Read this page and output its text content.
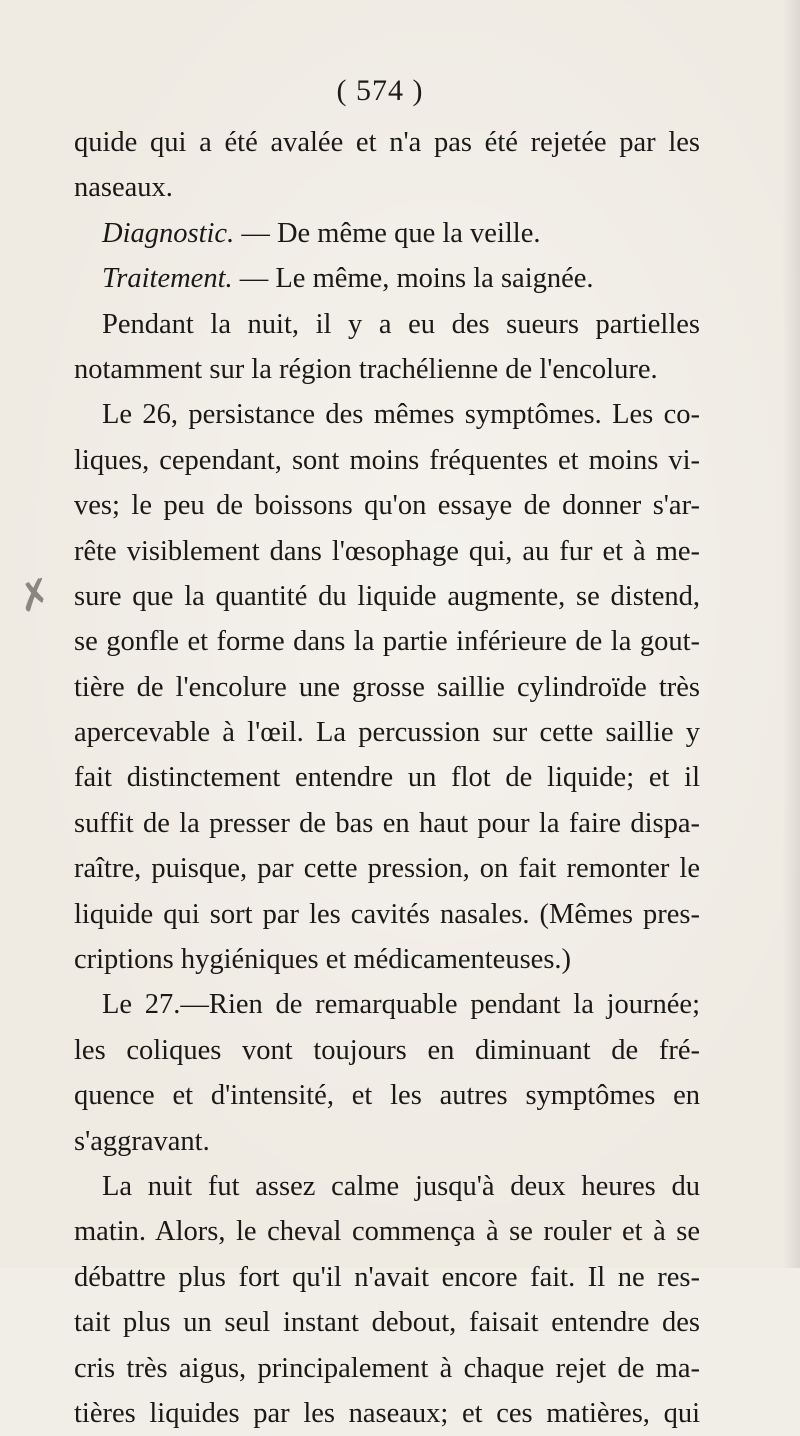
( 574 )
✗
quide qui a été avalée et n'a pas été rejetée par les
naseaux.
Diagnostic. — De même que la veille.
Traitement. — Le même, moins la saignée.
Pendant la nuit, il y a eu des sueurs partielles
notamment sur la région trachélienne de l'encolure.
Le 26, persistance des mêmes symptômes. Les co-
liques, cependant, sont moins fréquentes et moins vi-
ves; le peu de boissons qu'on essaye de donner s'ar-
rête visiblement dans l'œsophage qui, au fur et à me-
sure que la quantité du liquide augmente, se distend,
se gonfle et forme dans la partie inférieure de la gout-
tière de l'encolure une grosse saillie cylindroïde très
apercevable à l'œil. La percussion sur cette saillie y
fait distinctement entendre un flot de liquide; et il
suffit de la presser de bas en haut pour la faire dispa-
raître, puisque, par cette pression, on fait remonter le
liquide qui sort par les cavités nasales. (Mêmes pres-
criptions hygiéniques et médicamenteuses.)
Le 27.—Rien de remarquable pendant la journée;
les coliques vont toujours en diminuant de fré-
quence et d'intensité, et les autres symptômes en
s'aggravant.
La nuit fut assez calme jusqu'à deux heures du
matin. Alors, le cheval commença à se rouler et à se
débattre plus fort qu'il n'avait encore fait. Il ne res-
tait plus un seul instant debout, faisait entendre des
cris très aigus, principalement à chaque rejet de ma-
tières liquides par les naseaux; et ces matières, qui
